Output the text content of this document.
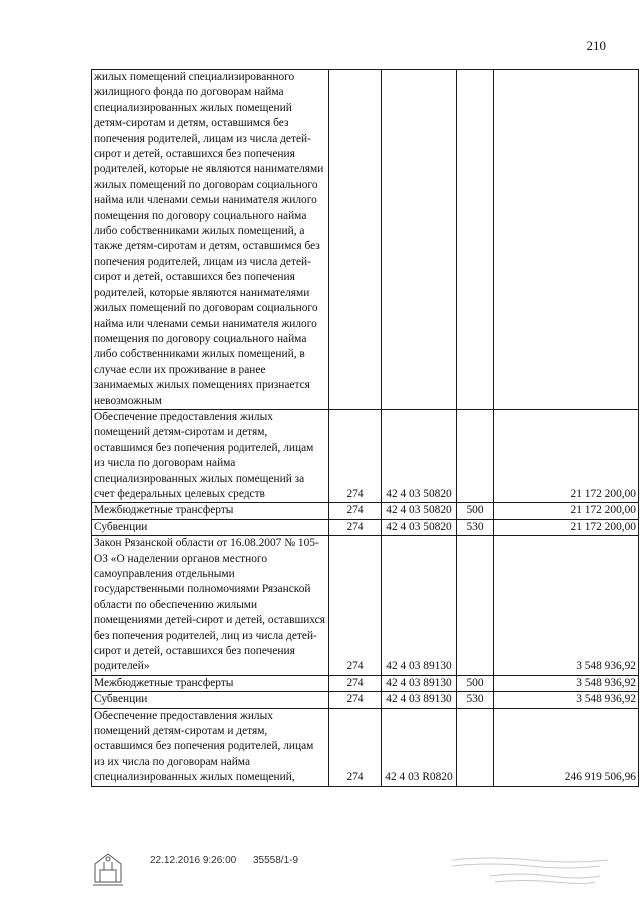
210
жилых помещений специализированного жилищного фонда по договорам найма специализированных жилых помещений детям-сиротам и детям, оставшимся без попечения родителей, лицам из числа детей-сирот и детей, оставшихся без попечения родителей, которые не являются нанимателями жилых помещений по договорам социального найма или членами семьи нанимателя жилого помещения по договору социального найма либо собственниками жилых помещений, а также детям-сиротам и детям, оставшимся без попечения родителей, лицам из числа детей-сирот и детей, оставшихся без попечения родителей, которые являются нанимателями жилых помещений по договорам социального найма или членами семьи нанимателя жилого помещения по договору социального найма либо собственниками жилых помещений, в случае если их проживание в ранее занимаемых жилых помещениях признается невозможным				
Обеспечение предоставления жилых помещений детям-сиротам и детям, оставшимся без попечения родителей, лицам из числа по договорам найма специализированных жилых помещений за счет федеральных целевых средств	274	42 4 03 50820		21 172 200,00
Межбюджетные трансферты	274	42 4 03 50820	500	21 172 200,00
Субвенции	274	42 4 03 50820	530	21 172 200,00
Закон Рязанской области от 16.08.2007 № 105-ОЗ «О наделении органов местного самоуправления отдельными государственными полномочиями Рязанской области по обеспечению жилыми помещениями детей-сирот и детей, оставшихся без попечения родителей, лиц из числа детей-сирот и детей, оставшихся без попечения родителей»	274	42 4 03 89130		3 548 936,92
Межбюджетные трансферты	274	42 4 03 89130	500	3 548 936,92
Субвенции	274	42 4 03 89130	530	3 548 936,92
Обеспечение предоставления жилых помещений детям-сиротам и детям, оставшимся без попечения родителей, лицам из их числа по договорам найма специализированных жилых помещений,	274	42 4 03 R0820		246 919 506,96
22.12.2016 9:26:00 35558/1-9
